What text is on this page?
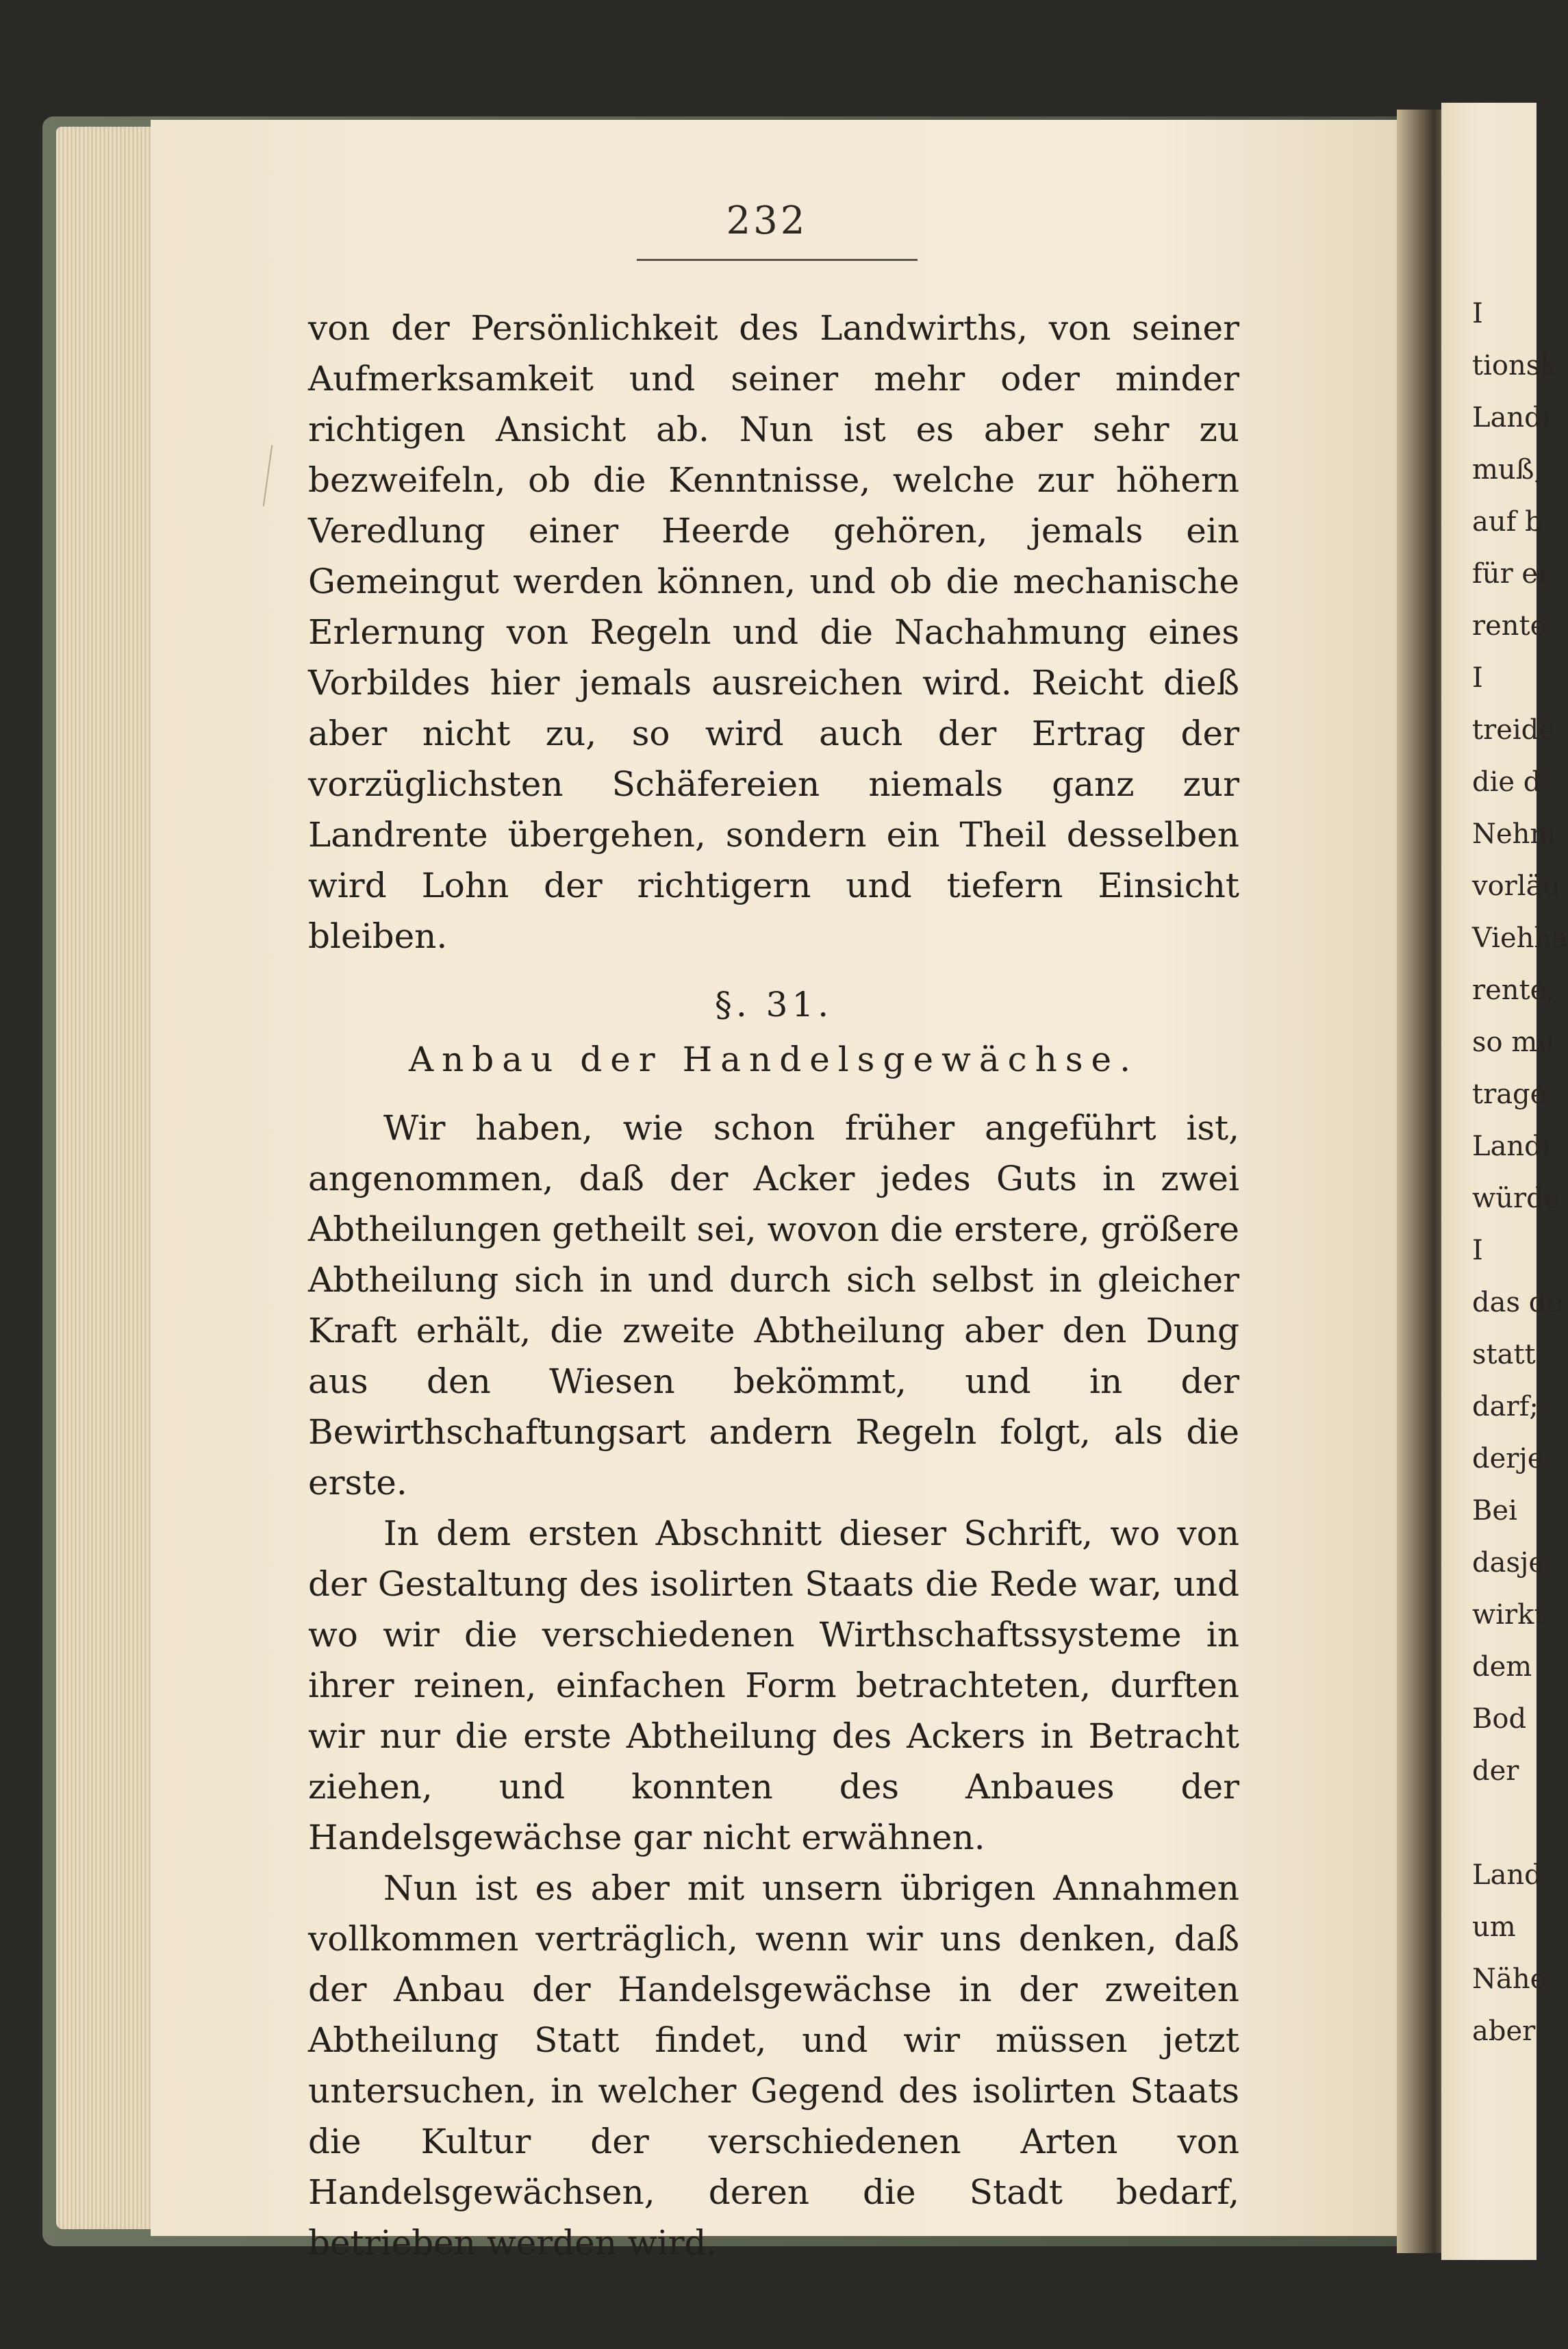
I
tionsk
Landr
muß,
auf b
für ei
rente
I
treide
die d
Nehm
vorläu
Viehha
rente,
so mu
trage
Landr
würde
I
das de
statt
darf;
derje
Bei
dasje
wirkt
dem
Bod
der
Land
um
Nähe
aber
232

von der Persönlichkeit des Landwirths, von seiner Aufmerksamkeit und seiner mehr oder minder richtigen Ansicht ab. Nun ist es aber sehr zu bezweifeln, ob die Kenntnisse, welche zur höhern Veredlung einer Heerde gehören, jemals ein Gemeingut werden können, und ob die mechanische Erlernung von Regeln und die Nachahmung eines Vorbildes hier jemals ausreichen wird. Reicht dieß aber nicht zu, so wird auch der Ertrag der vorzüglichsten Schäfereien niemals ganz zur Landrente übergehen, sondern ein Theil desselben wird Lohn der richtigern und tiefern Einsicht bleiben.

§. 31.
Anbau der Handelsgewächse.

Wir haben, wie schon früher angeführt ist, angenommen, daß der Acker jedes Guts in zwei Abtheilungen getheilt sei, wovon die erstere, größere Abtheilung sich in und durch sich selbst in gleicher Kraft erhält, die zweite Abtheilung aber den Dung aus den Wiesen bekömmt, und in der Bewirthschaftungsart andern Regeln folgt, als die erste.

In dem ersten Abschnitt dieser Schrift, wo von der Gestaltung des isolirten Staats die Rede war, und wo wir die verschiedenen Wirthschaftssysteme in ihrer reinen, einfachen Form betrachteten, durften wir nur die erste Abtheilung des Ackers in Betracht ziehen, und konnten des Anbaues der Handelsgewächse gar nicht erwähnen.

Nun ist es aber mit unsern übrigen Annahmen vollkommen verträglich, wenn wir uns denken, daß der Anbau der Handelsgewächse in der zweiten Abtheilung Statt findet, und wir müssen jetzt untersuchen, in welcher Gegend des isolirten Staats die Kultur der verschiedenen Arten von Handelsgewächsen, deren die Stadt bedarf, betrieben werden wird.
